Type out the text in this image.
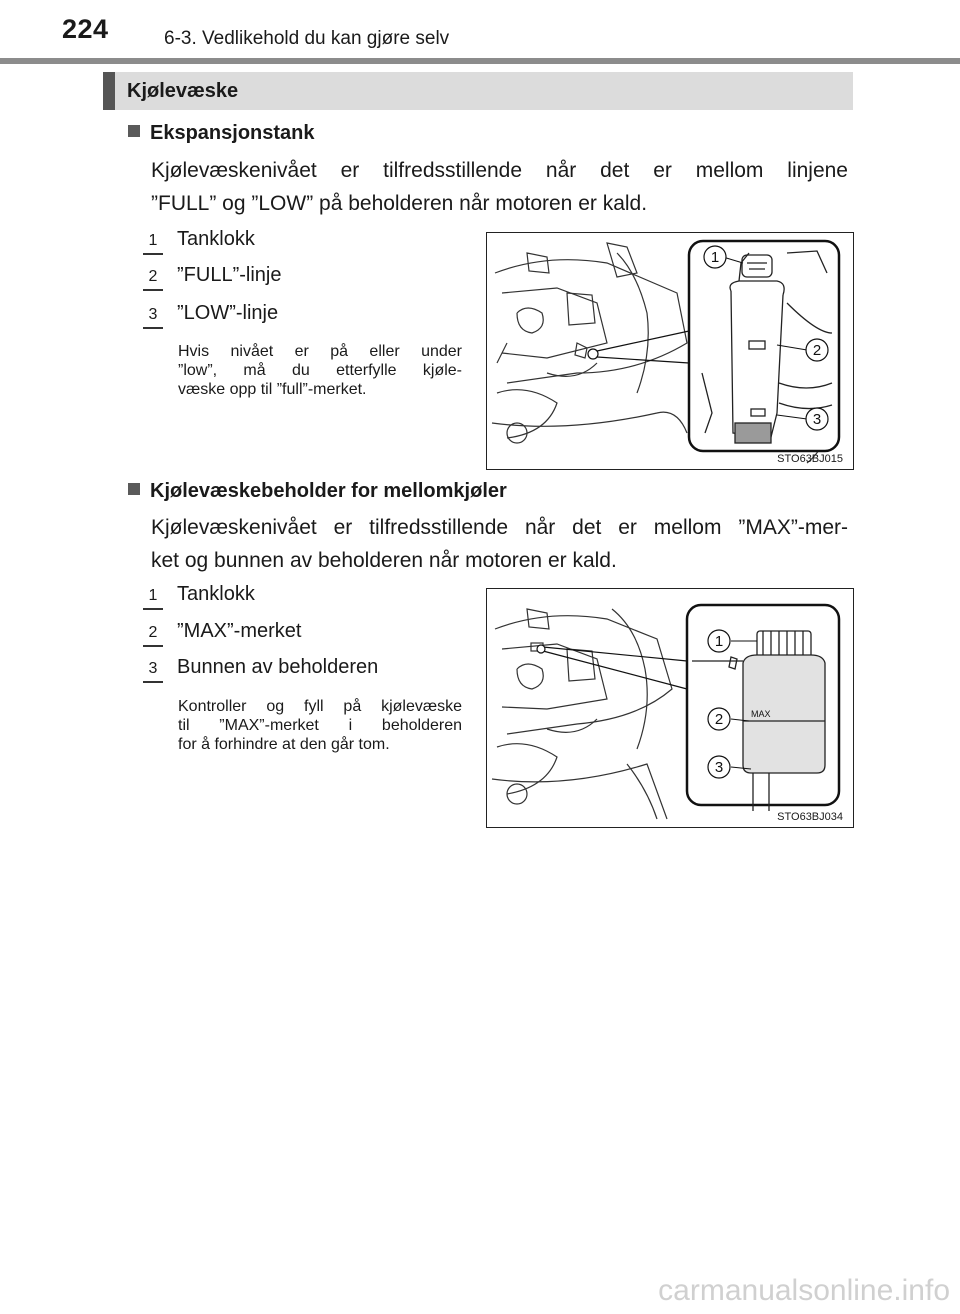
224	6-3. Vedlikehold du kan gjøre selv
Kjølevæske
Ekspansjonstank
Kjølevæskenivået er tilfredsstillende når det er mellom linjene
”FULL” og ”LOW” på beholderen når motoren er kald.
1 Tanklokk
2 ”FULL”-linje
3 ”LOW”-linje
Hvis nivået er på eller under
”low”, må du etterfylle kjøle-
væske opp til ”full”-merket.
1
2
3
STO63BJ015
Kjølevæskebeholder for mellomkjøler
Kjølevæskenivået er tilfredsstillende når det er mellom ”MAX”-mer-
ket og bunnen av beholderen når motoren er kald.
1 Tanklokk
2 ”MAX”-merket
3 Bunnen av beholderen
Kontroller og fyll på kjølevæske
til ”MAX”-merket i beholderen
for å forhindre at den går tom.
MAX
1
2
3
STO63BJ034
carmanualsonline.info
